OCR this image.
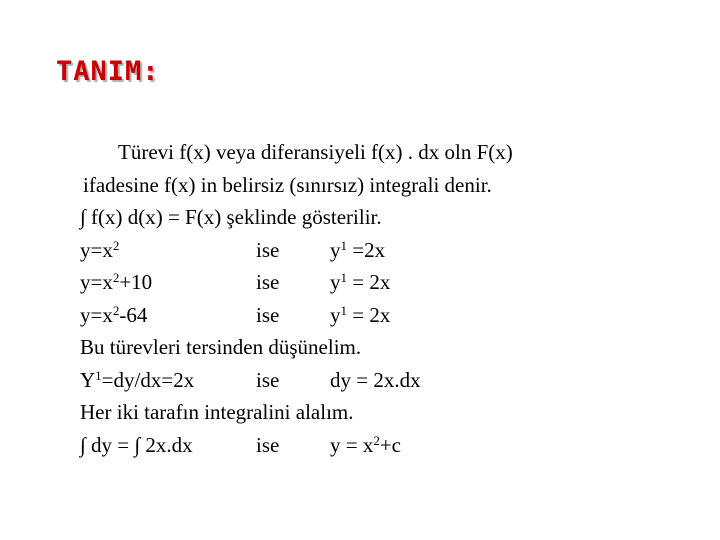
TANIM:
Türevi f(x) veya diferansiyeli f(x) . dx oln F(x)
ifadesine f(x) in belirsiz (sınırsız) integrali denir.
∫ f(x) d(x) = F(x) şeklinde gösterilir.
$y=x^2$	ise $y^1 =2x$
$y=x^2+10$	ise $y^1 = 2x$
$y=x^2-64$	ise $y^1 = 2x$
Bu türevleri tersinden düşünelim.
$Y^1=dy/dx=2x$	ise dy = 2x.dx
Her iki tarafın integralini alalım.
∫ dy = ∫ 2x.dx	ise $y = x^2+c$
